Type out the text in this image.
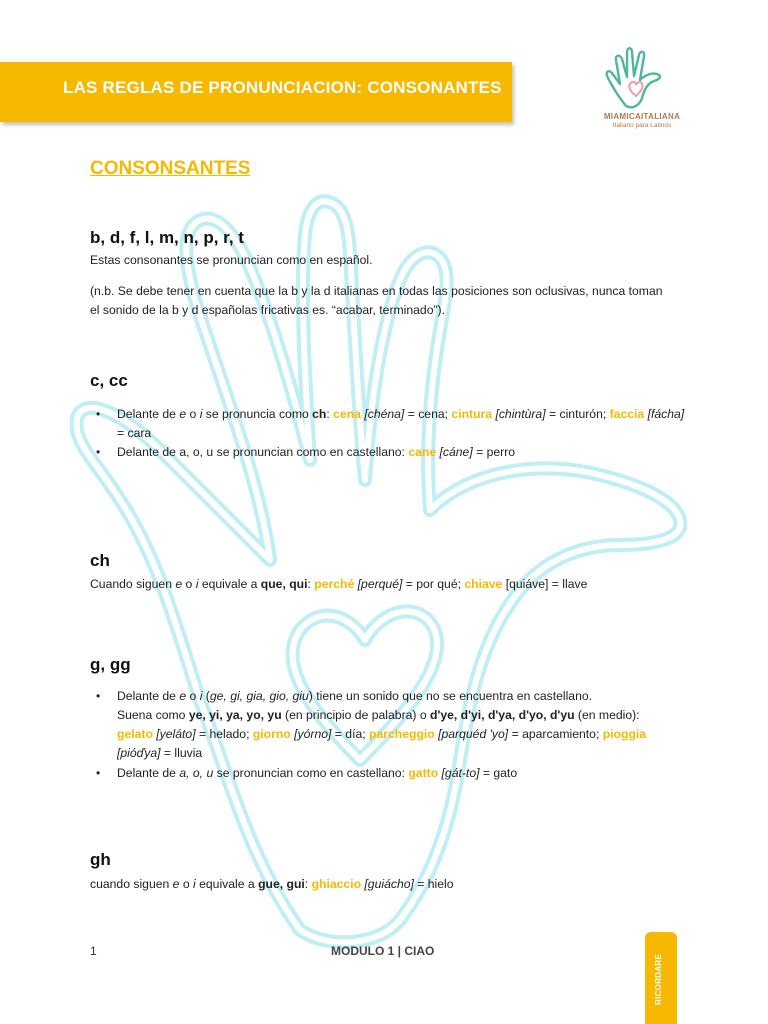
LAS REGLAS DE PRONUNCIACION: CONSONANTES
MIAMICAITALIANA
Italiano para Latinos
CONSONSANTES
b, d, f, l, m, n, p, r, t
Estas consonantes se pronuncian como en español.
(n.b. Se debe tener en cuenta que la b y la d italianas en todas las posiciones son oclusivas, nunca toman
el sonido de la b y d españolas fricativas es. “acabar, terminado”).
c, cc
• Delante de e o i se pronuncia como ch: cena [chéna] = cena; cintura [chintùra] = cinturón; faccia [fácha] = cara
• Delante de a, o, u se pronuncian como en castellano: cane [cáne] = perro
ch
Cuando siguen e o i equivale a que, qui: perché [perqué] = por qué; chiave [quiáve] = llave
g, gg
• Delante de e o i (ge, gi, gia, gio, giu) tiene un sonido que no se encuentra en castellano.
Suena como ye, yi, ya, yo, yu (en principio de palabra) o d'ye, d'yi, d'ya, d'yo, d'yu (en medio):
gelato [yeláto] = helado; giorno [yórno] = día; parcheggio [parquéd 'yo] = aparcamiento; pioggia
[pióďya] = lluvia
• Delante de a, o, u se pronuncian como en castellano: gatto [gát-to] = gato
gh
cuando siguen e o i equivale a gue, gui: ghiaccio [guiácho] = hielo
1	MODULO 1 | CIAO
RICORDARE
